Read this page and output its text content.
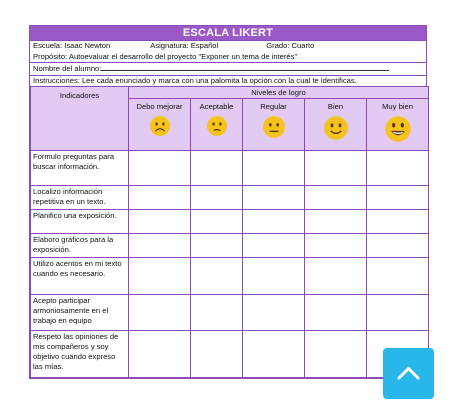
ESCALA LIKERT
Escuela: Isaac Newton	Asignatura: Español	Grado: Cuarto
Propósito: Autoevaluar el desarrollo del proyecto "Exponer un tema de interés"
Nombre del alumno:
Instrucciones: Lee cada enunciado y marca con una palomita la opción con la cual te identificas.
Indicadores	Niveles de logro				
	Debo mejorar	Aceptable	Regular	Bien	Muy bien

Formulo preguntas para buscar información.					
Localizo información repetitiva en un texto.					
Planifico una exposición.					
Elaboro gráficos para la exposición.					
Utilizo acentos en mi texto cuando es necesario.					
Acepto participar armoniosamente en el trabajo en equipo					
Respeto las opiniones de mis compañeros y soy objetivo cuando expreso las mías.					
